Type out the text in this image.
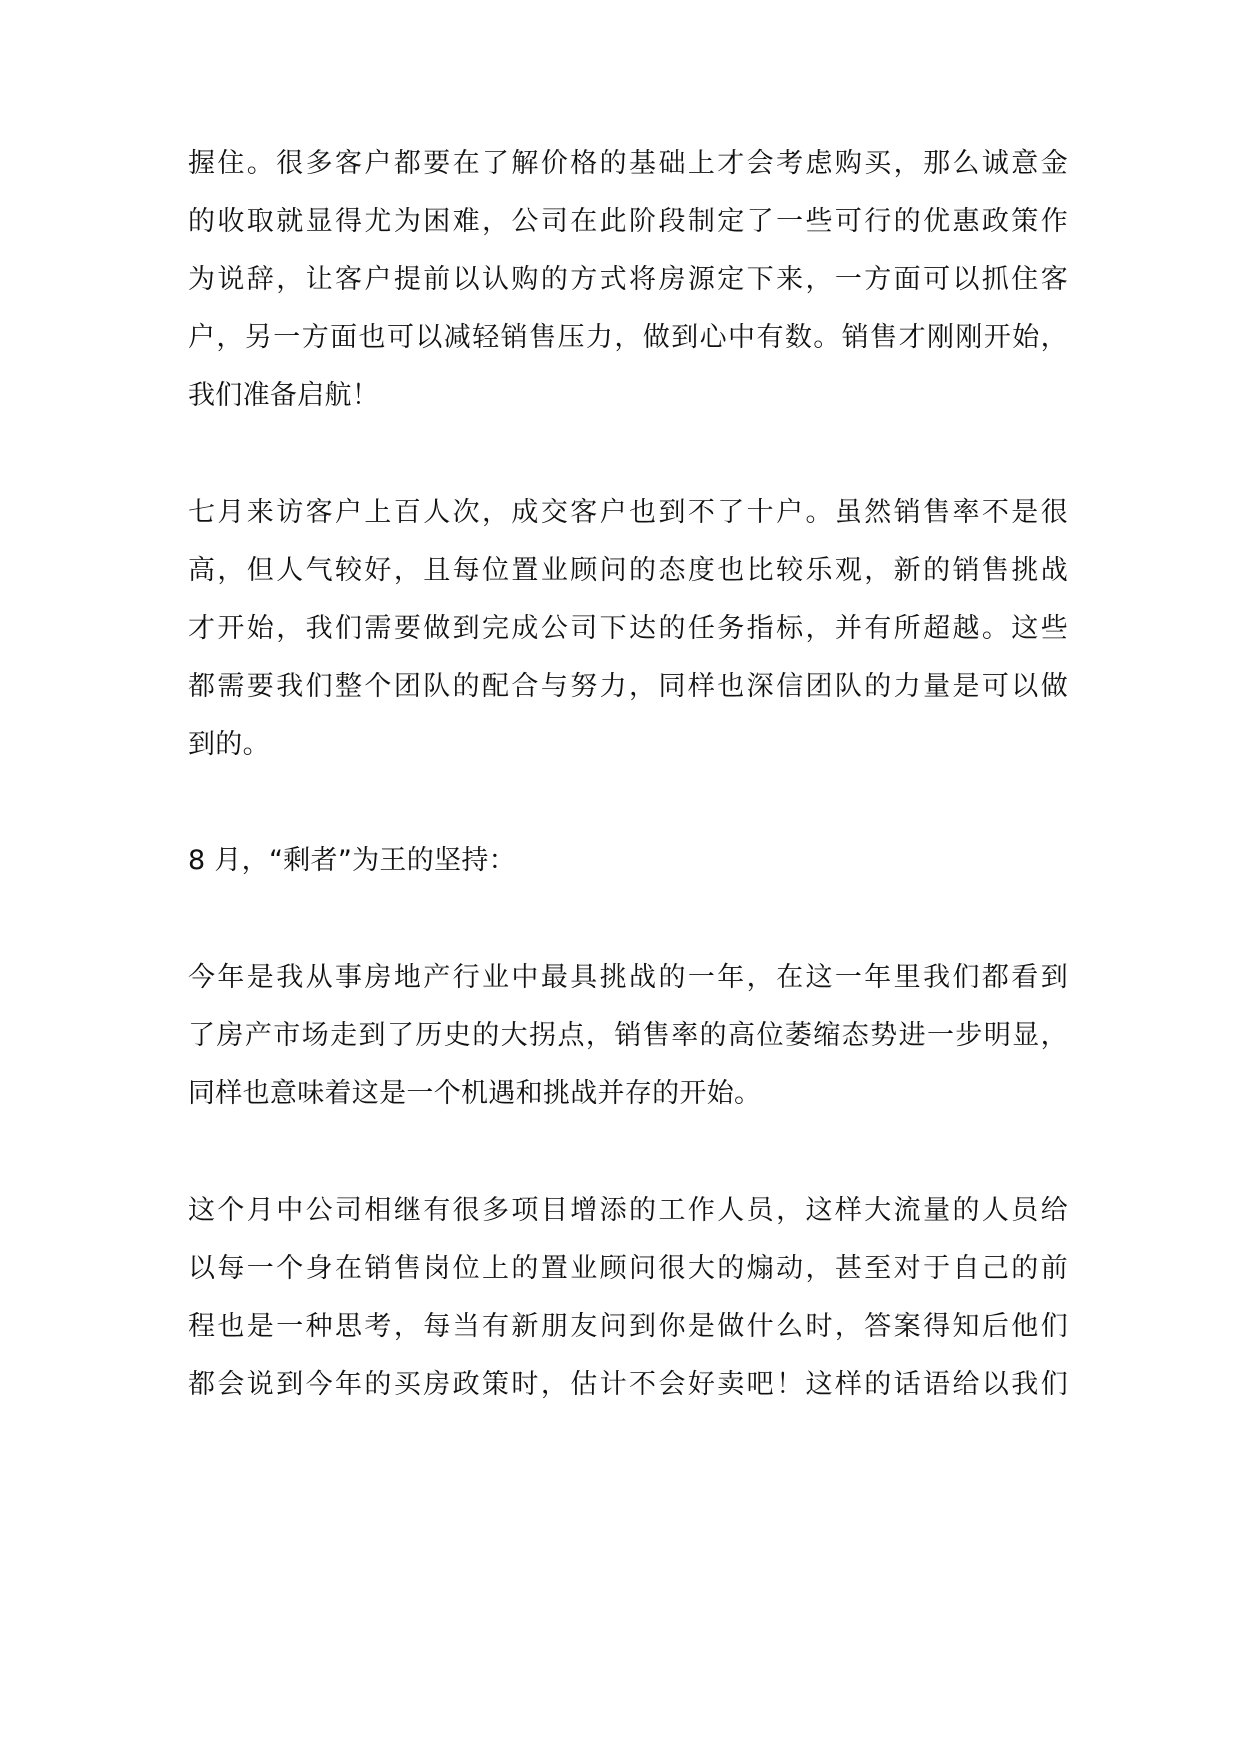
握住。很多客户都要在了解价格的基础上才会考虑购买，那么诚意金
的收取就显得尤为困难，公司在此阶段制定了一些可行的优惠政策作
为说辞，让客户提前以认购的方式将房源定下来，一方面可以抓住客
户，另一方面也可以减轻销售压力，做到心中有数。销售才刚刚开始，
我们准备启航！
七月来访客户上百人次，成交客户也到不了十户。虽然销售率不是很
高，但人气较好，且每位置业顾问的态度也比较乐观，新的销售挑战
才开始，我们需要做到完成公司下达的任务指标，并有所超越。这些
都需要我们整个团队的配合与努力，同样也深信团队的力量是可以做
到的。
8 月，“剩者”为王的坚持：
今年是我从事房地产行业中最具挑战的一年，在这一年里我们都看到
了房产市场走到了历史的大拐点，销售率的高位萎缩态势进一步明显，
同样也意味着这是一个机遇和挑战并存的开始。
这个月中公司相继有很多项目增添的工作人员，这样大流量的人员给
以每一个身在销售岗位上的置业顾问很大的煽动，甚至对于自己的前
程也是一种思考，每当有新朋友问到你是做什么时，答案得知后他们
都会说到今年的买房政策时，估计不会好卖吧！这样的话语给以我们
